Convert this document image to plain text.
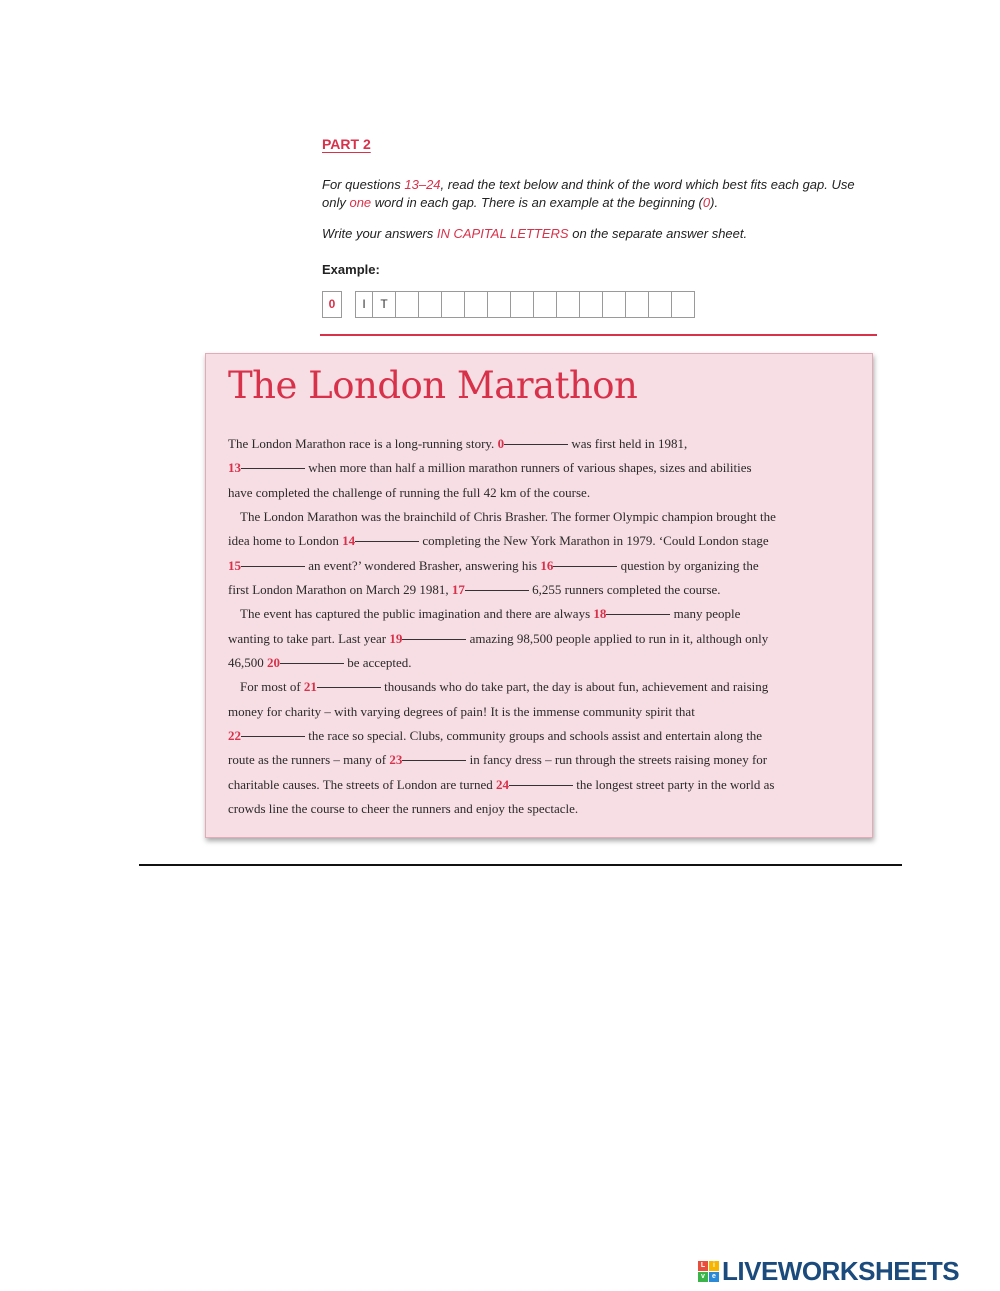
PART 2

For questions 13–24, read the text below and think of the word which best fits each gap. Use only one word in each gap. There is an example at the beginning (0).

Write your answers IN CAPITAL LETTERS on the separate answer sheet.

Example:
0	I	T
The London Marathon
The London Marathon race is a long-running story. 0	was first held in 1981,
13	when more than half a million marathon runners of various shapes, sizes and abilities
have completed the challenge of running the full 42 km of the course.
The London Marathon was the brainchild of Chris Brasher. The former Olympic champion brought the
idea home to London 14	completing the New York Marathon in 1979. ‘Could London stage
15	an event?’ wondered Brasher, answering his 16	question by organizing the
first London Marathon on March 29 1981, 17	6,255 runners completed the course.
The event has captured the public imagination and there are always 18	many people
wanting to take part. Last year 19	amazing 98,500 people applied to run in it, although only
46,500 20	be accepted.
For most of 21	thousands who do take part, the day is about fun, achievement and raising
money for charity – with varying degrees of pain! It is the immense community spirit that
22	the race so special. Clubs, community groups and schools assist and entertain along the
route as the runners – many of 23	in fancy dress – run through the streets raising money for
charitable causes. The streets of London are turned 24	the longest street party in the world as
crowds line the course to cheer the runners and enjoy the spectacle.
L	i
v	e LIVEWORKSHEETS
